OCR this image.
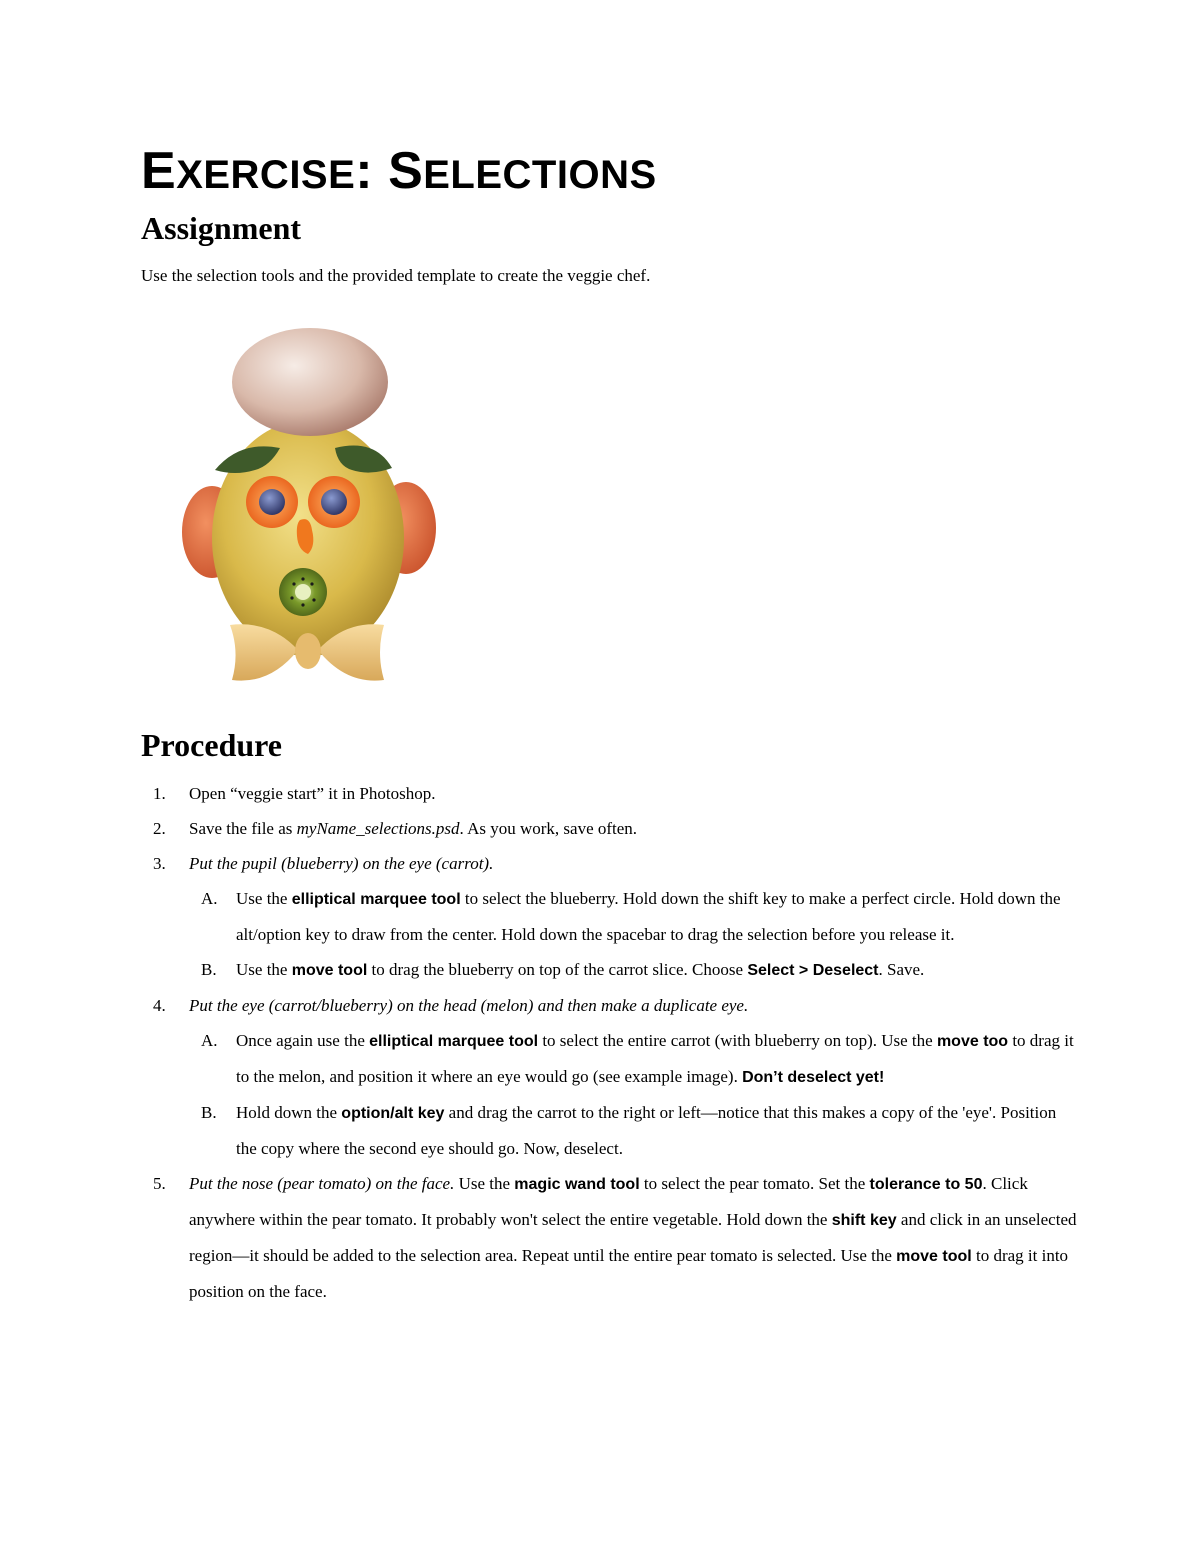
EXERCISE: SELECTIONS
Assignment

Use the selection tools and the provided template to create the veggie chef.

Procedure
1. Open “veggie start” it in Photoshop.
2. Save the file as myName_selections.psd. As you work, save often.
3. Put the pupil (blueberry) on the eye (carrot).
A. Use the elliptical marquee tool to select the blueberry. Hold down the shift key to make a perfect circle. Hold down the alt/option key to draw from the center. Hold down the spacebar to drag the selection before you release it.
B. Use the move tool to drag the blueberry on top of the carrot slice. Choose Select > Deselect. Save.
4. Put the eye (carrot/blueberry) on the head (melon) and then make a duplicate eye.
A. Once again use the elliptical marquee tool to select the entire carrot (with blueberry on top). Use the move too to drag it to the melon, and position it where an eye would go (see example image). Don’t deselect yet!
B. Hold down the option/alt key and drag the carrot to the right or left—notice that this makes a copy of the 'eye'. Position the copy where the second eye should go. Now, deselect.
5. Put the nose (pear tomato) on the face. Use the magic wand tool to select the pear tomato. Set the tolerance to 50. Click anywhere within the pear tomato. It probably won't select the entire vegetable. Hold down the shift key and click in an unselected region—it should be added to the selection area. Repeat until the entire pear tomato is selected. Use the move tool to drag it into position on the face.
